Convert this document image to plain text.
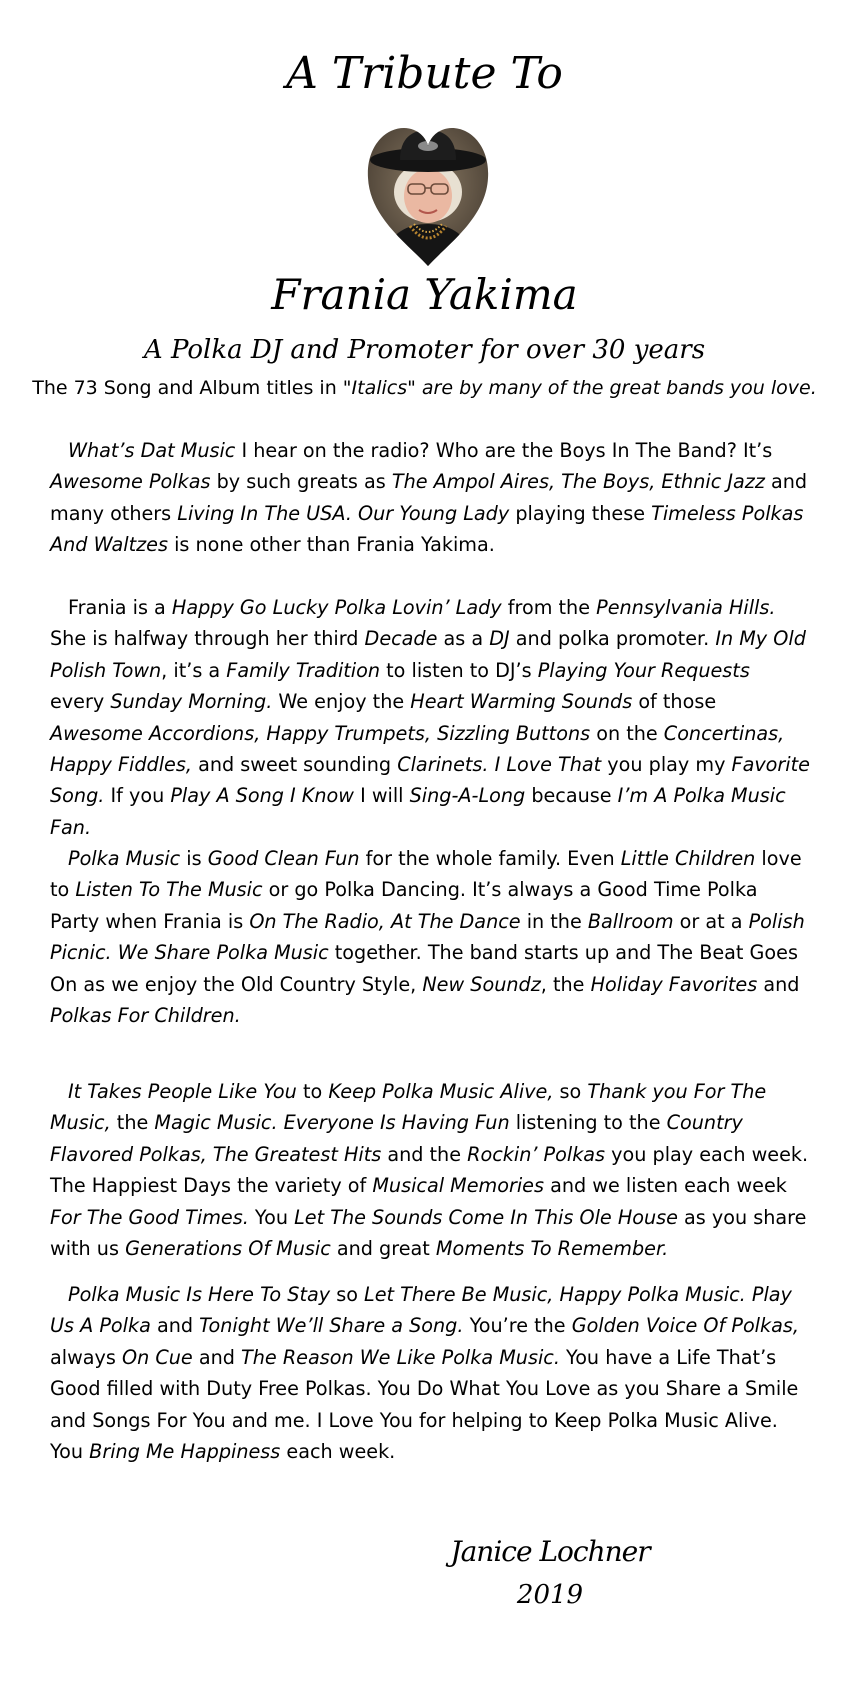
A Tribute To
Frania Yakima
A Polka DJ and Promoter for over 30 years
The 73 Song and Album titles in "Italics" are by many of the great bands you love.

What’s Dat Music I hear on the radio? Who are the Boys In The Band? It’s Awesome Polkas by such greats as The Ampol Aires, The Boys, Ethnic Jazz and many others Living In The USA. Our Young Lady playing these Timeless Polkas And Waltzes is none other than Frania Yakima.

Frania is a Happy Go Lucky Polka Lovin’ Lady from the Pennsylvania Hills. She is halfway through her third Decade as a DJ and polka promoter. In My Old Polish Town, it’s a Family Tradition to listen to DJ’s Playing Your Requests every Sunday Morning. We enjoy the Heart Warming Sounds of those Awesome Accordions, Happy Trumpets, Sizzling Buttons on the Concertinas, Happy Fiddles, and sweet sounding Clarinets. I Love That you play my Favorite Song. If you Play A Song I Know I will Sing-A-Long because I’m A Polka Music Fan.

Polka Music is Good Clean Fun for the whole family. Even Little Children love to Listen To The Music or go Polka Dancing. It’s always a Good Time Polka Party when Frania is On The Radio, At The Dance in the Ballroom or at a Polish Picnic. We Share Polka Music together. The band starts up and The Beat Goes On as we enjoy the Old Country Style, New Soundz, the Holiday Favorites and Polkas For Children.

It Takes People Like You to Keep Polka Music Alive, so Thank you For The Music, the Magic Music. Everyone Is Having Fun listening to the Country Flavored Polkas, The Greatest Hits and the Rockin’ Polkas you play each week. The Happiest Days the variety of Musical Memories and we listen each week For The Good Times. You Let The Sounds Come In This Ole House as you share with us Generations Of Music and great Moments To Remember.

Polka Music Is Here To Stay so Let There Be Music, Happy Polka Music. Play Us A Polka and Tonight We’ll Share a Song. You’re the Golden Voice Of Polkas, always On Cue and The Reason We Like Polka Music. You have a Life That’s Good filled with Duty Free Polkas. You Do What You Love as you Share a Smile and Songs For You and me. I Love You for helping to Keep Polka Music Alive. You Bring Me Happiness each week.

Janice Lochner
2019
